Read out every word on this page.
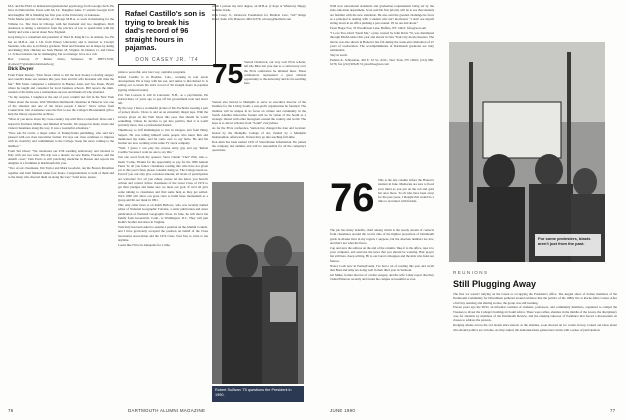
M.S. and his Ph.D. in industrial/organizational psychology from Georgia Tech. He lives in Duncanville, Texas with his Lic. Daughter Anne 17 attends Georgia Tech and daughter Jill is finishing her first year at the University of Arkansas.

Vicki Marks puts her University of Chicago M.B.A. to work in marketing for the Tribune Co. She lives in Chicago with her husband and two daughters. Rich Anderson is taking a sabbatical from the practice of law to spend time with his family and write a novel about New England.

Greg King is a consultant and president of Thad D. King & Co. in Atlanta, Ga. He has an M.B.A. and a J.D. from Emory University and is married to Carolyn Suzanne, who also is an Emory graduate. Thad and Suzanne are in shape by skiing and hiking; their children are Sam, Hunter 18, Virginia 16, Denton 11, and Chase 11. School tuitions can be challenging, but we manage. Give us a call.

Bob Conway, 27 Manor Drive, Somerset, NJ 08873-3536; rConway77@alumni.dartmouth.org

Dick Dwyer

From Frank Dooley: "Don Street called to tell me Ken Stoney is having surgery and couldn't make our reunion this year. Ken and his wife Roxanne will miss the fun." Bill Slater completed a sabbatical in Buenos Aires and Sao Paulo, Brazil where he taught and consulted for local business schools. Bill reports the mini-reunion at his home was a tremendous success and thanks all who attended.

"To my surprise, I laughed at the end of your column last fall in the New York Times about the Green. Walt Whitman Dartmouth classmate in Hanover was one of the smartest and one of the nicest people I knew." Steve writes from Connecticut. Our classmates were the first to use the College's Bicentennial gift to help the library expand the archives.

"Most of you know about my cross-country trip with Dave Comerford. Dave and I started in Portland, Maine, and finished in Seattle. We stopped in many towns and visited classmates along the way. It was a wonderful adventure."

"Now ask Ed Levin, a major editor of Pennsylvania publishing, who said he's pleased with our class newsletter format. Ed says our class continues to impress with its creativity and commitment to the College. Keep the news coming to the mailbox."

From Ted Olson: "We celebrated our 25th wedding anniversary and traveled to Italy with our two sons. The trip was a dream; we saw Rome, Florence, and the Amalfi coast." Dan Ferris is still practicing medicine in Boston and reports his daughter is a freshman at Dartmouth this year.

"Two of our classmates, Jim Taylor and Mark Goodwin, ran the Boston Marathon together and both finished under four hours. Congratulations to both of them and to the many who cheered them on along the way." Send news, please.

Rafael Castillo's son is trying to break his dad's record of 96 straight hours in pajamas.
DON CASEY JR. '74

plans to powerful, and, last I say, capitalist programs.

Rafael Castillo is in Boulder, Colo., working in real estate development. He is busy with his son, and rumor is that Rafael Jr. is setting out to break his dad's record of 96 straight hours in pajamas (typing without breaks).

Eric Van Loewen is still in Lancaster, N.H., as a psychiatrist. He started there 12 years ago to pay off his government loan and never left.

By the way, I have a wonderful picture of Ric Eschevin wearing a pair of jockey shorts. I have it, and on an extremely illegal tape. With the Jerseys given on the Wall Street this year, that should be worth something. Unless he decides to get into politics, then it is worth probably more. Just a professional hazard.

Thumbs-up to Jeff Rubinington to live in Oregon, and from Haley Seipert. He was telling himself some people who knew him and mentioned my name, and he came over to say hello. He and his brother are now working at the same TV stock company.

"Well, I guess I can play the reverse entry guy and say 'Rafael Castillo' because I want no one to say this."

Just one word from my sponsor, Steve Cherin "Chet" Phil, who e-mails "Come, Thanks for the opportunity to pay for the 1990 Annual Fund. To all you fellow classmates reading this who have not given yet to this year's fund, please consider doing so. The College needs us. Even if you can only give a modest amount, all levels of participation are welcome! For all you others, please let me know you haven't written and contact fellow classmates of the Great Class of 1974 to get their pledges and make sure we meet our goal. If we'd all give some talking to classmates and find some help as they get settled. We'd 1990 will allow our great class to build more momentum as a group and hit our mark in 1991.

This only other news is on Keith Bellows, who was recently named editor of National Geographic Traveler, a sister publication and sister publication of National Geographic Press. In June, he will move his family from Greenwich, Conn., to Washington, D.C. They will join Keith's brother and sister in Virginia.

Tom truly has been asked to assume a position on the Alumni Council, and I have graciously accepted the position on behalf of the Class Secretaries Association and the 1974 Class. Feel free to write to me anytime.

Looks like I'll be in Annapolis for a time.

while I pursue my next degree, an M.B.A. (I hope at Wharton). Happy summer break.

Don Casey Jr., Delaware Foundation for Medical Care, 7427 Ridge Road, Suite 100, Hanover, MD 21076; sdcasey@hotmail.com

75 Vernon Chadwick, our very own Elvis scholar, left Ole Miss last year due to a controversy over the Elvis conference he initiated there. These conferences represented a great cultural opportunity to the university and its far-reaching fans.

Vernon also moved to Memphis to serve as executive director of the Institute for the Living South, a non-profit organization he founded. The institute will be unique in its focus on culture and community in the South. Another innovative feature will be its vision of the South as a strategic shared with other bioregions around the country and world. The hope is to attract scholars from "South" everywhere.

As for the Elvis conference, Vernon has changed the date and location: hosted by the Memphis College of Art, funded by a Memphis businessman. Afterwards, Vernon may go into teaching full-time.

Ron Akin has been named CEO of SilverPointe Information. He joined the company last summer and will be responsible for all the company's operations.

Robert Sullivan '75 questions the President in 1990.
76	DARTMOUTH ALUMNI MAGAZINE

With new educational standards and graduation requirements being set by the state education department, Scott said his first priority will be to see that students are familiar with the new standards. He also said the greatest challenge he faces as a principal is dealing with a student who isn't motivated. "I don't see myself sitting down in an office pushing a pen around. I'll be out and about."

Fawn Hagar Fox, 33 Woodhaven Lane, Buffalo, NY 14221; hfox@aol.com

"I Love You, Don't Touch Me," a play created by John Davis '76, was distributed through MGM earlier this year and shown in New York City movie theaters. The movie was also shown in Hanover last fall during the week-end celebration of 25 years of coeducation. The accomplishments of Dartmouth graduates are truly remarkable.

Stay in touch.

Pamela K. Schlossbau, 459 E. 52 St., #21C, New York, NY 10022; (212) 980-6176; fax (212) 906-8174; pkschlos@aol.com

76 This is the last column before the Hanover reunion in June. Memories are sure to flood your mind as you put on the red and gold hat once more. To all who have been away for the past years, I thought this would be a time to reconnect with friends.

The job has many benefits, chief among which is the steady stream of contacts from classmates around the world. One of the highest proportion of Dartmouth grads in Alaska lives in my region. I suppose, but the absolute numbers are low, and that's not what the fun is.

Cap and save the address on the end of the column. Take it to the office, tape it to your computer, and send me the news that you should be working. Hair grayer but still here. Keep writing. Hi to our bored colleagues and the kids who fund our futures.

Nancy Loeb now in Pennsylvania. I've had a lot of reading this year and recall that Brad and Amy are doing well in their third year in Vermont.

Gil Milne, former director of cardiac surgery, and his wife Cindy report that they visited Hanover recently and found the campus as beautiful as ever.

For some protesters, blasts aren't just from the past.
REUNIONS
Still Plugging Away

The first we weren't rallying on the Green or occupying the President's office. The August show of former members of the Dartmouth Community for Divestment gathered around evidence that the politics of the 1980s live at Rocke-feller Center. After a full day resisting and sharing stories, the group was still learning.

Eleven years ago the DCD, an informal coalition of students, professors, and community members, organized to compel the Trustees to divest the College's holdings in South Africa. There were rallies, shanties in the middle of the Green, the disciplinary case for students by members of the Dartmouth Review, and the ensuing takeover of Parkhurst that forced a moratorium on classes to address the protests.

Dodging smoke across the old dream since known as the shanties, soon showed an ice cream victory, looked out ideas about who should politics are at home. As they talked, the demonstrations gained new status with a sense of participation.

JUNE 1990	77
